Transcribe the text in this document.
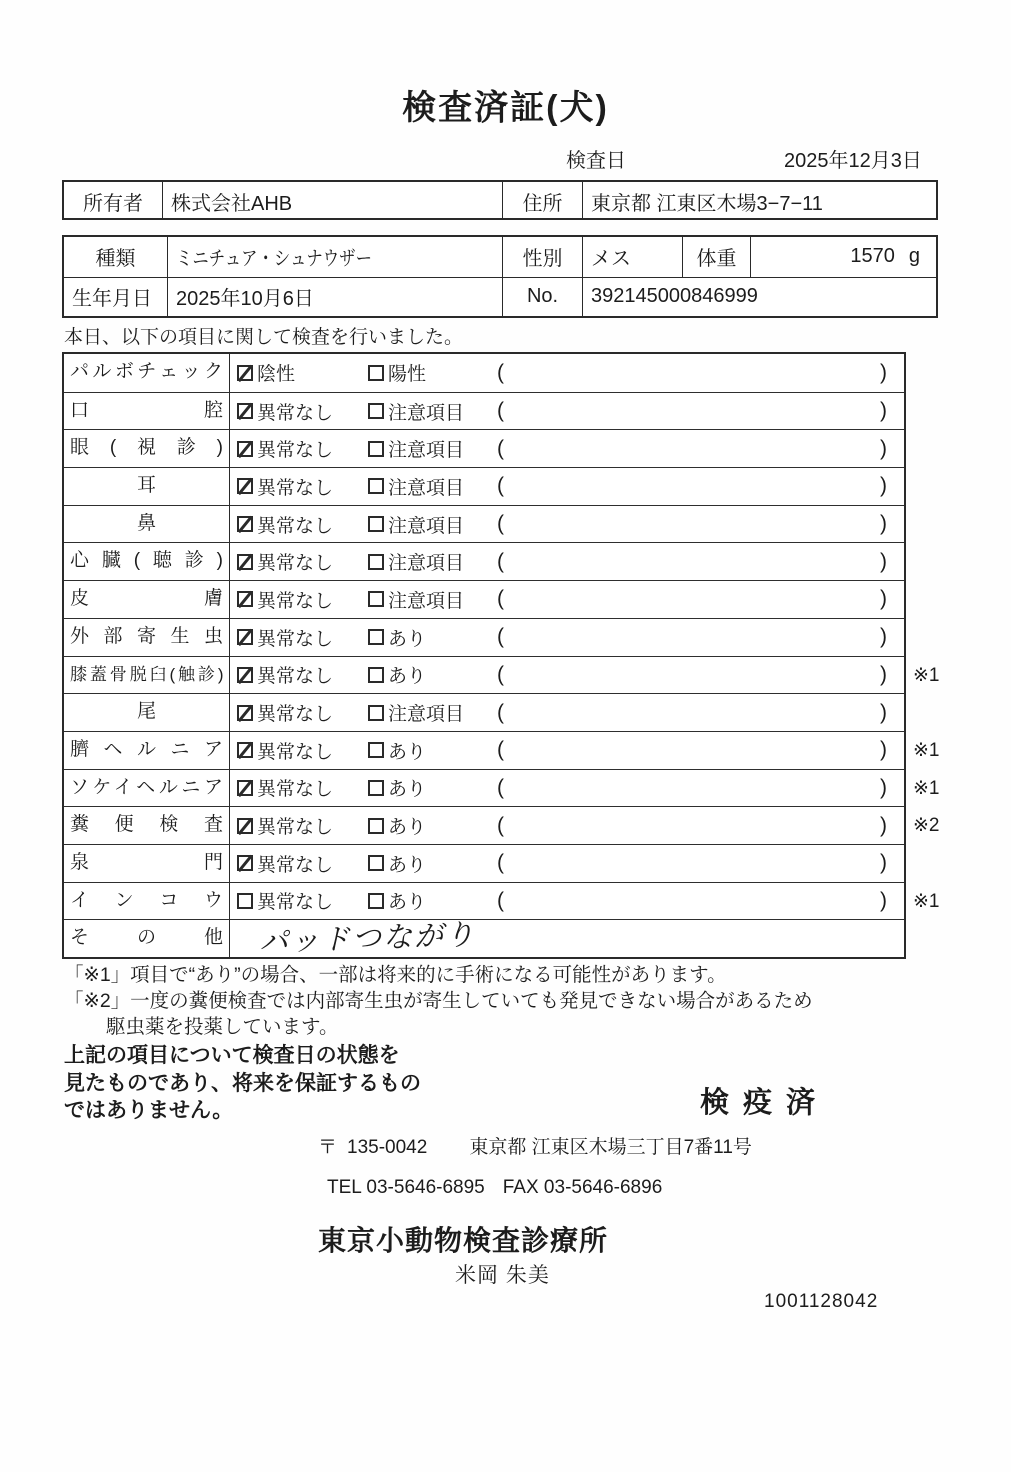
検査済証(犬)
検査日	2025年12月3日
所有者	株式会社AHB	住所	東京都 江東区木場3−7−11
種類	ミニチュア・シュナウザー	性別	メス	体重	1570 g
生年月日	2025年10月6日	No.	392145000846999
本日、以下の項目に関して検査を行いました。
パルボチェック	陰性	陽性	(	)
口腔	異常なし	注意項目 (	)
眼(視診)	異常なし	注意項目 (	)
耳	異常なし	注意項目 (	)
鼻	異常なし	注意項目 (	)
心臓(聴診)	異常なし	注意項目 (	)
皮膚	異常なし	注意項目 (	)
外部寄生虫	異常なし	あり	(	)
膝蓋骨脱臼(触診)	異常なし	あり	(	) ※1
尾	異常なし	注意項目 (	)
臍ヘルニア	異常なし	あり	(	) ※1
ソケイヘルニア	異常なし	あり	(	) ※1
糞便検査	異常なし	あり	(	) ※2
泉門	異常なし	あり	(	)
インコウ	異常なし	あり	(	) ※1
その他 パッドつながり
「※1」項目で“あり”の場合、一部は将来的に手術になる可能性があります。
「※2」一度の糞便検査では内部寄生虫が寄生していても発見できない場合があるため
駆虫薬を投薬しています。
上記の項目について検査日の状態を
見たものであり、将来を保証するもの
ではありません。	検疫済
〒 135-0042 東京都 江東区木場三丁目7番11号
TEL 03-5646-6895 FAX 03-5646-6896
東京小動物検査診療所
米岡 朱美
1001128042
